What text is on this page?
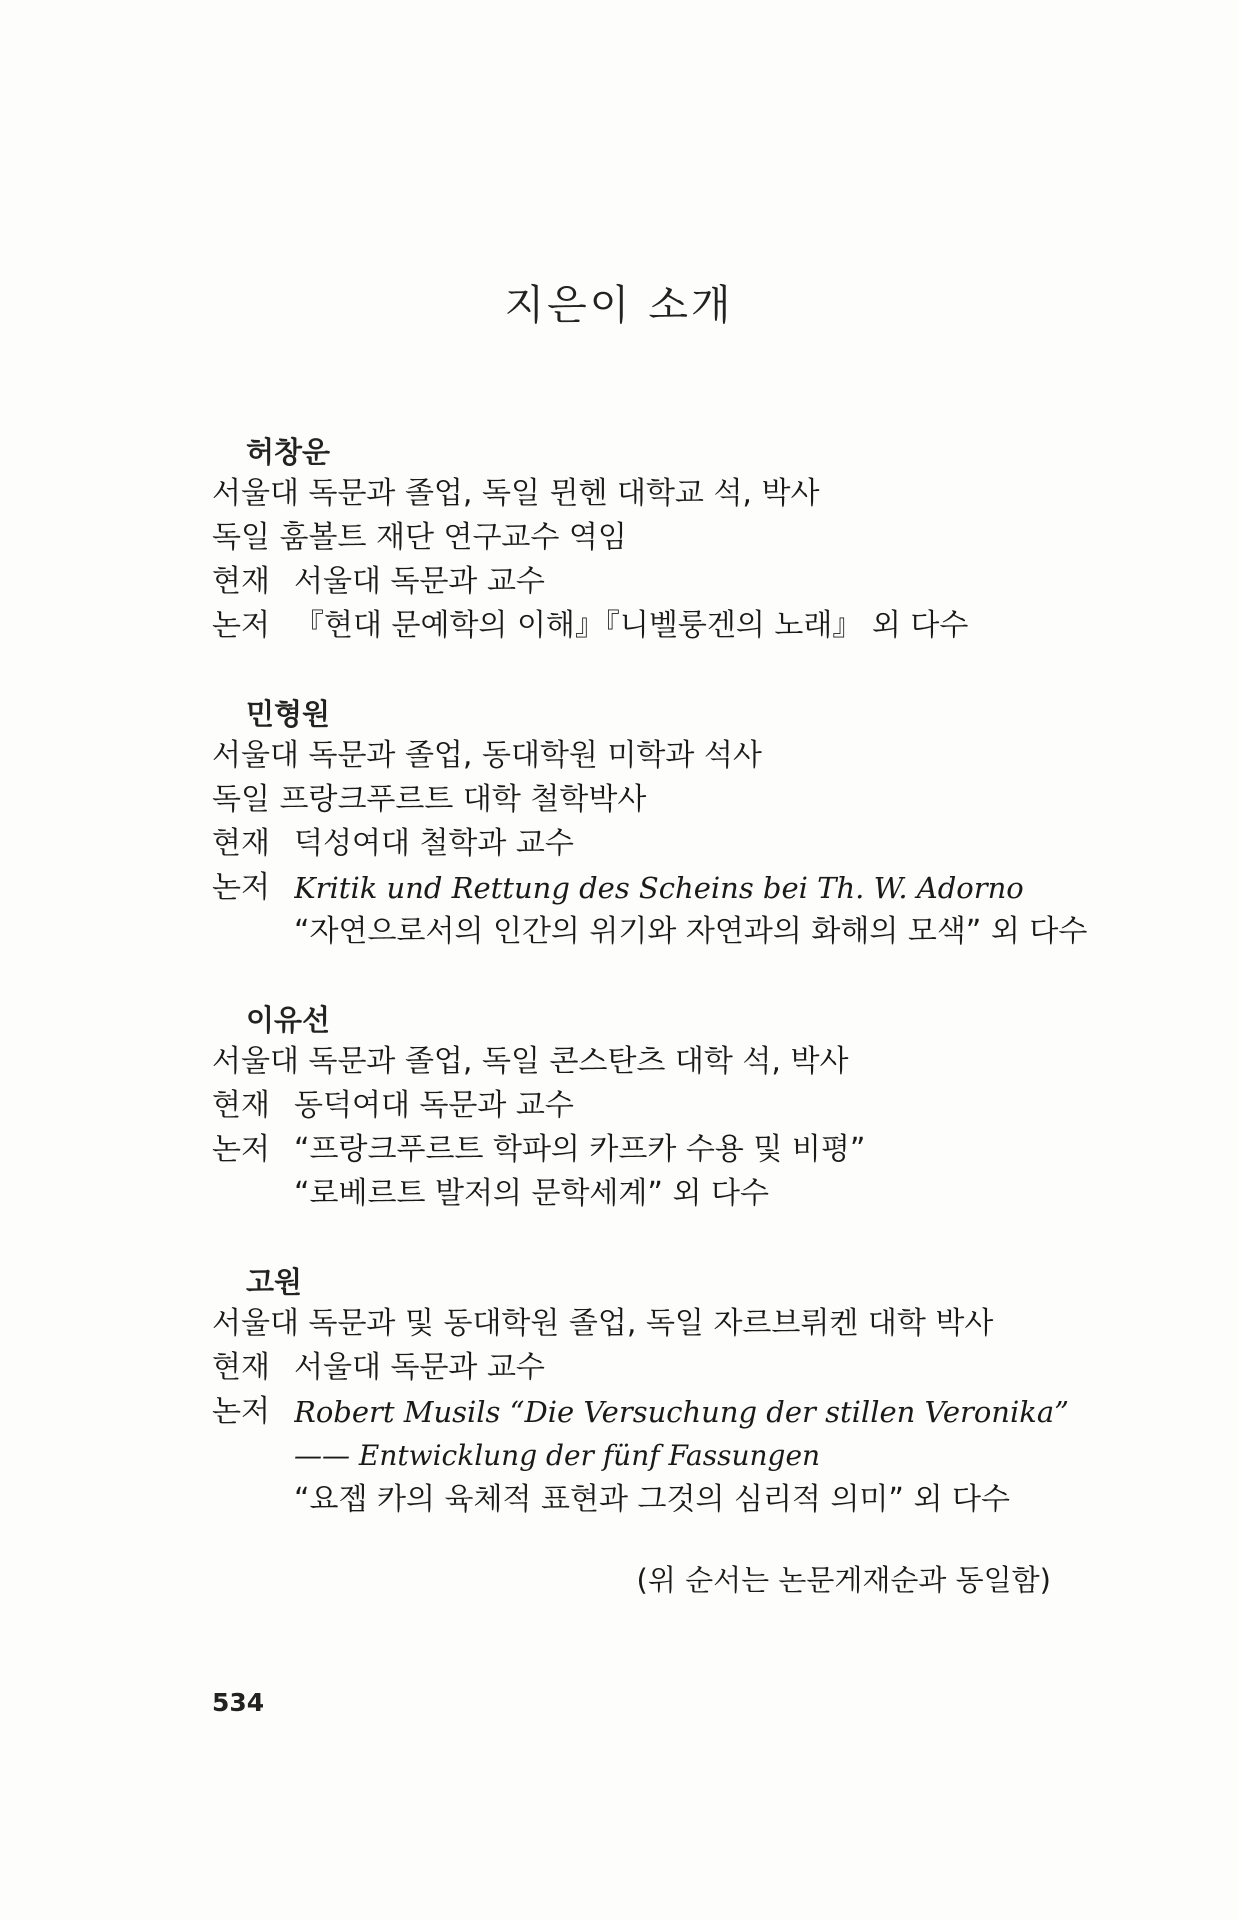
지은이 소개
허창운
서울대 독문과 졸업, 독일 뮌헨 대학교 석, 박사
독일 훔볼트 재단 연구교수 역임
현재 서울대 독문과 교수
논저 『현대 문예학의 이해』『니벨룽겐의 노래』 외 다수
민형원
서울대 독문과 졸업, 동대학원 미학과 석사
독일 프랑크푸르트 대학 철학박사
현재 덕성여대 철학과 교수
논저 Kritik und Rettung des Scheins bei Th. W. Adorno
“자연으로서의 인간의 위기와 자연과의 화해의 모색” 외 다수
이유선
서울대 독문과 졸업, 독일 콘스탄츠 대학 석, 박사
현재 동덕여대 독문과 교수
논저 “프랑크푸르트 학파의 카프카 수용 및 비평”
“로베르트 발저의 문학세계” 외 다수
고원
서울대 독문과 및 동대학원 졸업, 독일 자르브뤼켄 대학 박사
현재 서울대 독문과 교수
논저 Robert Musils “Die Versuchung der stillen Veronika”
—— Entwicklung der fünf Fassungen
“요젭 카의 육체적 표현과 그것의 심리적 의미” 외 다수
(위 순서는 논문게재순과 동일함)
534
